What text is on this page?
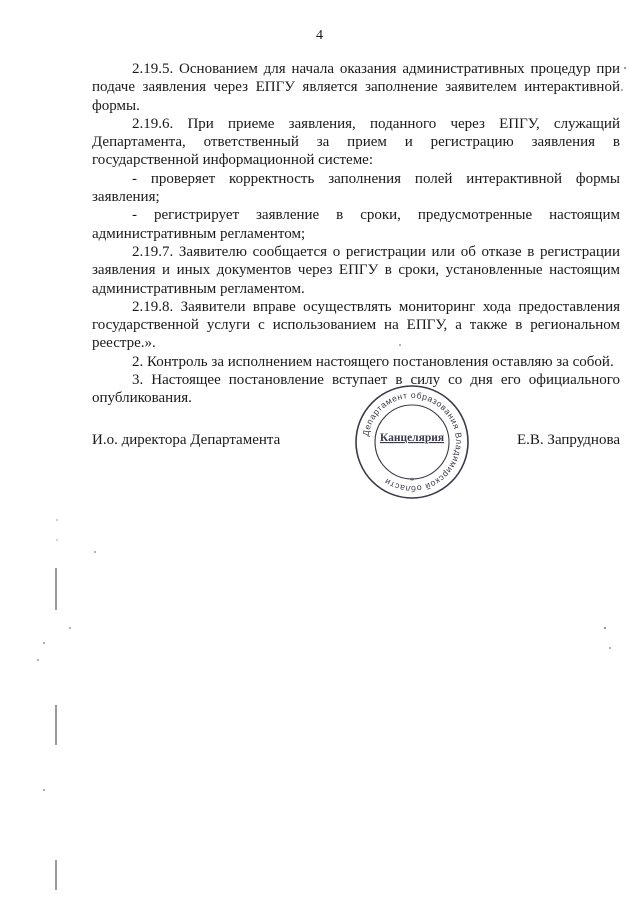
4

2.19.5. Основанием для начала оказания административных процедур при подаче заявления через ЕПГУ является заполнение заявителем интерактивной формы.

2.19.6. При приеме заявления, поданного через ЕПГУ, служащий Департамента, ответственный за прием и регистрацию заявления в государственной информационной системе:

- проверяет корректность заполнения полей интерактивной формы заявления;

- регистрирует заявление в сроки, предусмотренные настоящим административным регламентом;

2.19.7. Заявителю сообщается о регистрации или об отказе в регистрации заявления и иных документов через ЕПГУ в сроки, установленные настоящим административным регламентом.

2.19.8. Заявители вправе осуществлять мониторинг хода предоставления государственной услуги с использованием на ЕПГУ, а также в региональном реестре.».

2. Контроль за исполнением настоящего постановления оставляю за собой.

3. Настоящее постановление вступает в силу со дня его официального опубликования.

И.о. директора Департамента	Е.В. Запруднова
Департамент образования Владимирской области
Канцелярия
*
